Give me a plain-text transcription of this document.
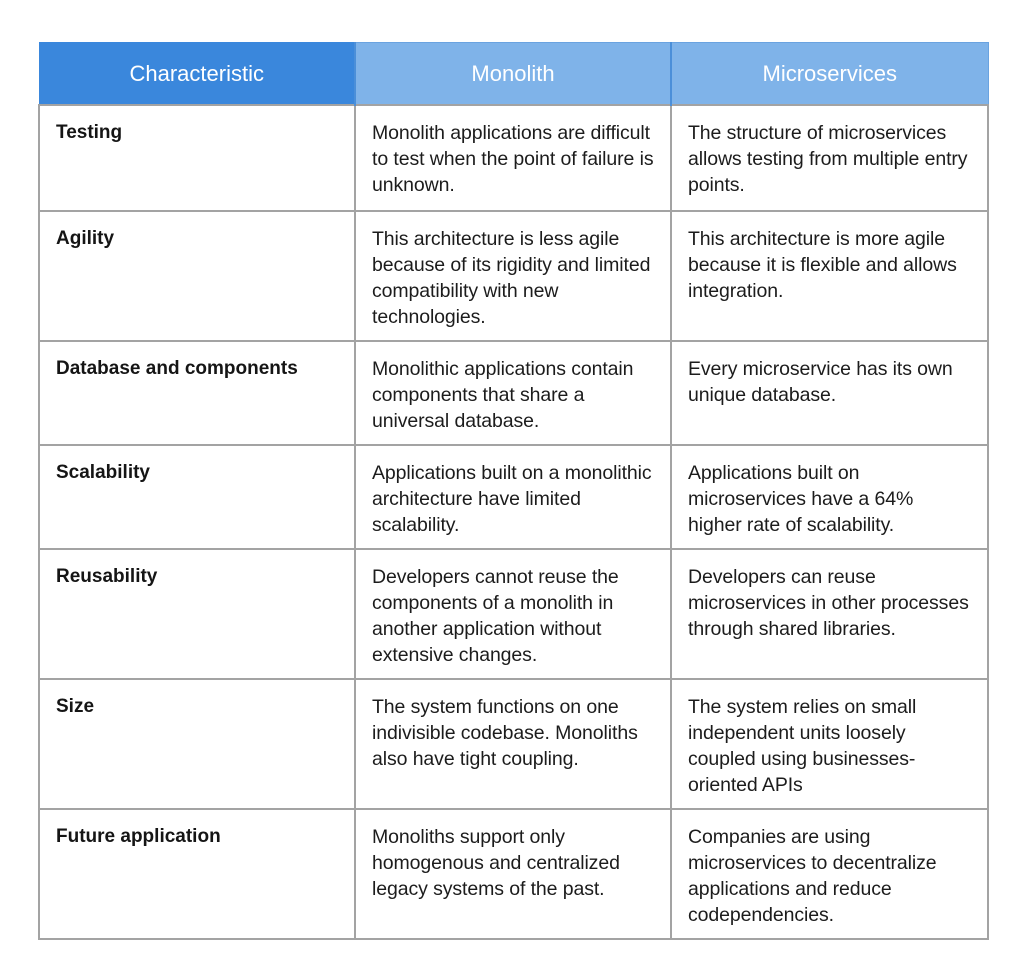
Characteristic	Monolith	Microservices
Testing	Monolith applications are difficult to test when the point of failure is unknown.	The structure of microservices allows testing from multiple entry points.
Agility	This architecture is less agile because of its rigidity and limited compatibility with new technologies.	This architecture is more agile because it is flexible and allows integration.
Database and components	Monolithic applications contain components that share a universal database.	Every microservice has its own unique database.
Scalability	Applications built on a monolithic architecture have limited scalability.	Applications built on microservices have a 64% higher rate of scalability.
Reusability	Developers cannot reuse the components of a monolith in another application without extensive changes.	Developers can reuse microservices in other processes through shared libraries.
Size	The system functions on one indivisible codebase. Monoliths also have tight coupling.	The system relies on small independent units loosely coupled using businesses-oriented APIs
Future application	Monoliths support only homogenous and centralized legacy systems of the past.	Companies are using microservices to decentralize applications and reduce codependencies.
